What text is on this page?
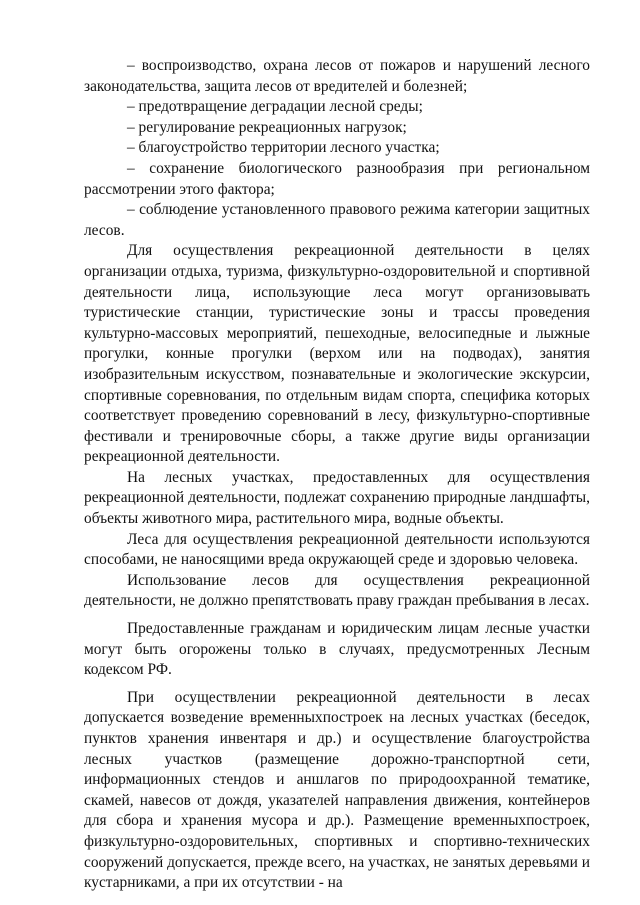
– воспроизводство, охрана лесов от пожаров и нарушений лесного законодательства, защита лесов от вредителей и болезней;

– предотвращение деградации лесной среды;

– регулирование рекреационных нагрузок;

– благоустройство территории лесного участка;

– сохранение биологического разнообразия при региональном рассмотрении этого фактора;

– соблюдение установленного правового режима категории защитных лесов.

Для осуществления рекреационной деятельности в целях организации отдыха, туризма, физкультурно-оздоровительной и спортивной деятельности лица, использующие леса могут организовывать туристические станции, туристические зоны и трассы проведения культурно-массовых мероприятий, пешеходные, велосипедные и лыжные прогулки, конные прогулки (верхом или на подводах), занятия изобразительным искусством, познавательные и экологические экскурсии, спортивные соревнования, по отдельным видам спорта, специфика которых соответствует проведению соревнований в лесу, физкультурно-спортивные фестивали и тренировочные сборы, а также другие виды организации рекреационной деятельности.

На лесных участках, предоставленных для осуществления рекреационной деятельности, подлежат сохранению природные ландшафты, объекты животного мира, растительного мира, водные объекты.

Леса для осуществления рекреационной деятельности используются способами, не наносящими вреда окружающей среде и здоровью человека.

Использование лесов для осуществления рекреационной деятельности, не должно препятствовать праву граждан пребывания в лесах.

Предоставленные гражданам и юридическим лицам лесные участки могут быть огорожены только в случаях, предусмотренных Лесным кодексом РФ.

При осуществлении рекреационной деятельности в лесах допускается возведение временныхпостроек на лесных участках (беседок, пунктов хранения инвентаря и др.) и осуществление благоустройства лесных участков (размещение дорожно-транспортной сети, информационных стендов и аншлагов по природоохранной тематике, скамей, навесов от дождя, указателей направления движения, контейнеров для сбора и хранения мусора и др.). Размещение временныхпостроек, физкультурно-оздоровительных, спортивных и спортивно-технических сооружений допускается, прежде всего, на участках, не занятых деревьями и кустарниками, а при их отсутствии - на
